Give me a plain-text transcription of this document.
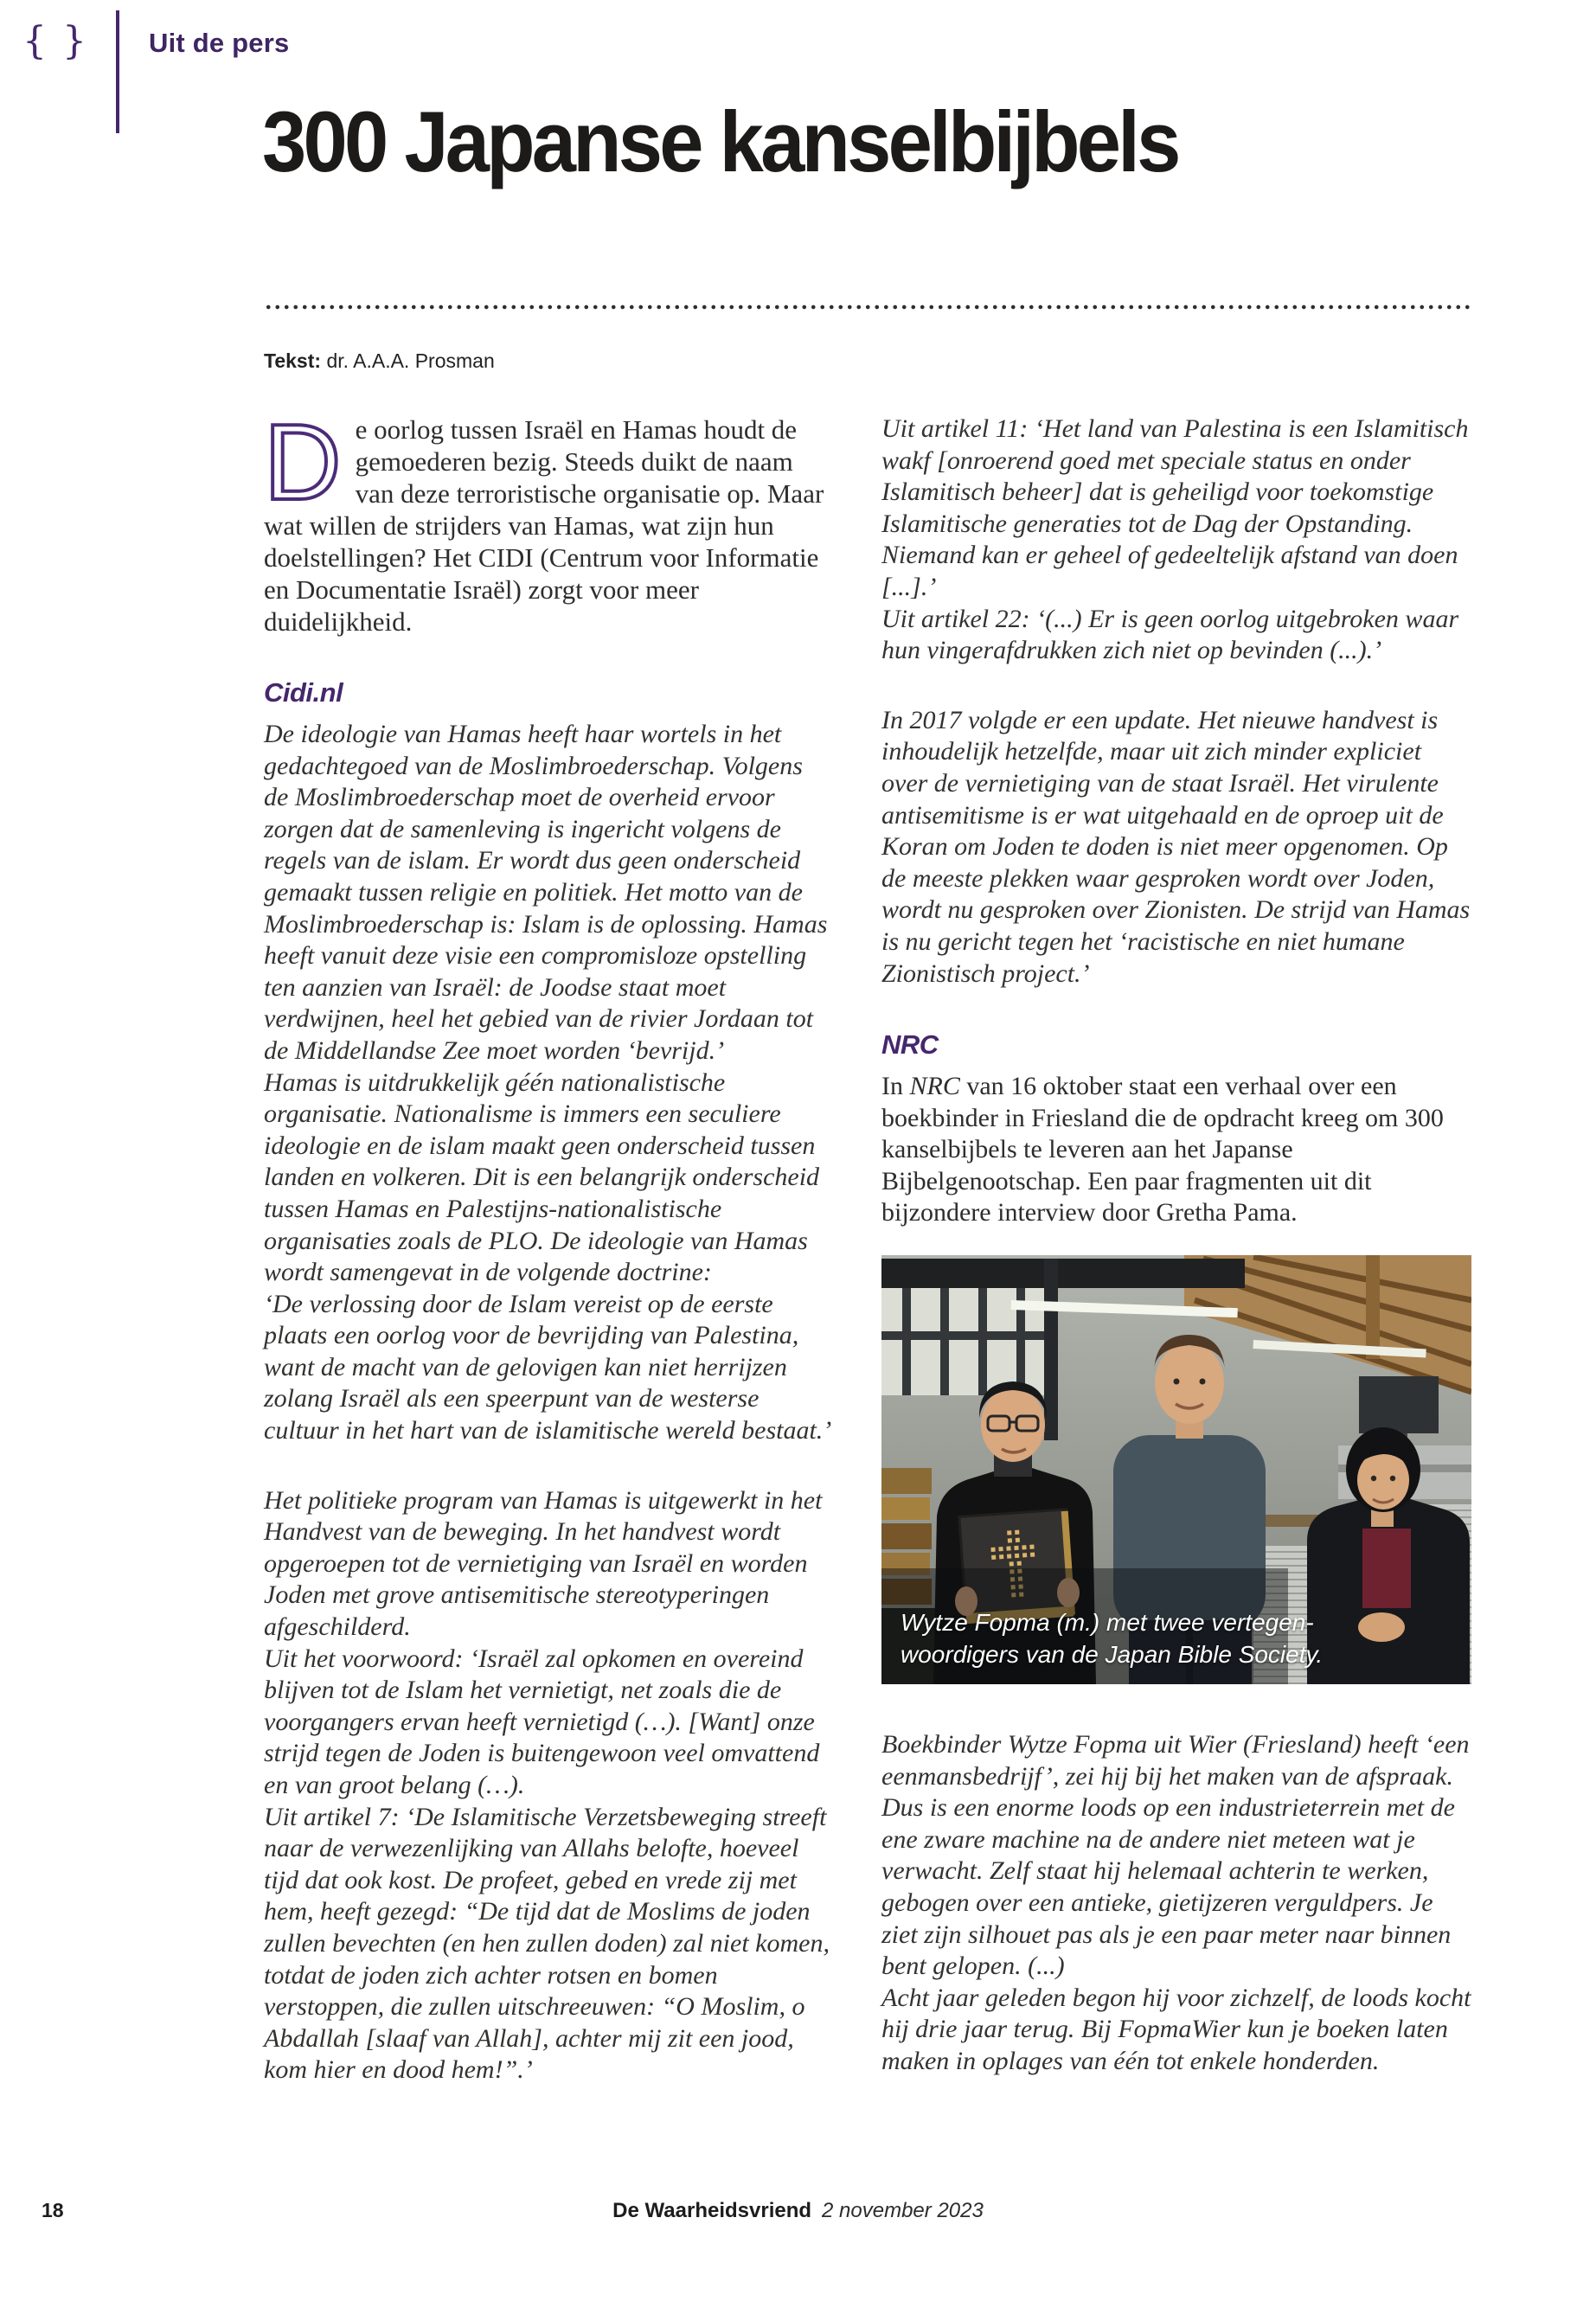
{ } Uit de pers
300 Japanse kanselbijbels
Tekst: dr. A.A.A. Prosman

De oorlog tussen Israël en Hamas houdt de gemoederen bezig. Steeds duikt de naam van deze terroristische organisatie op. Maar wat willen de strijders van Hamas, wat zijn hun doelstellingen? Het CIDI (Centrum voor Informatie en Documentatie Israël) zorgt voor meer duidelijkheid.

Cidi.nl

De ideologie van Hamas heeft haar wortels in het gedachtegoed van de Moslimbroederschap. Volgens de Moslimbroederschap moet de overheid ervoor zorgen dat de samenleving is ingericht volgens de regels van de islam. Er wordt dus geen onderscheid gemaakt tussen religie en politiek. Het motto van de Moslimbroederschap is: Islam is de oplossing. Hamas heeft vanuit deze visie een compromisloze opstelling ten aanzien van Israël: de Joodse staat moet verdwijnen, heel het gebied van de rivier Jordaan tot de Middellandse Zee moet worden ‘bevrijd.’

Hamas is uitdrukkelijk géén nationalistische organisatie. Nationalisme is immers een seculiere ideologie en de islam maakt geen onderscheid tussen landen en volkeren. Dit is een belangrijk onderscheid tussen Hamas en Palestijns-nationalistische organisaties zoals de PLO. De ideologie van Hamas wordt samengevat in de volgende doctrine:

‘De verlossing door de Islam vereist op de eerste plaats een oorlog voor de bevrijding van Palestina, want de macht van de gelovigen kan niet herrijzen zolang Israël als een speerpunt van de westerse cultuur in het hart van de islamitische wereld bestaat.’

Het politieke program van Hamas is uitgewerkt in het Handvest van de beweging. In het handvest wordt opgeroepen tot de vernietiging van Israël en worden Joden met grove antisemitische stereotyperingen afgeschilderd.

Uit het voorwoord: ‘Israël zal opkomen en overeind blijven tot de Islam het vernietigt, net zoals die de voorgangers ervan heeft vernietigd (…). [Want] onze strijd tegen de Joden is buitengewoon veel omvattend en van groot belang (…).

Uit artikel 7: ‘De Islamitische Verzetsbeweging streeft naar de verwezenlijking van Allahs belofte, hoeveel tijd dat ook kost. De profeet, gebed en vrede zij met hem, heeft gezegd: “De tijd dat de Moslims de joden zullen bevechten (en hen zullen doden) zal niet komen, totdat de joden zich achter rotsen en bomen verstoppen, die zullen uitschreeuwen: “O Moslim, o Abdallah [slaaf van Allah], achter mij zit een jood, kom hier en dood hem!”.’

Uit artikel 11: ‘Het land van Palestina is een Islamitisch wakf [onroerend goed met speciale status en onder Islamitisch beheer] dat is geheiligd voor toekomstige Islamitische generaties tot de Dag der Opstanding. Niemand kan er geheel of gedeeltelijk afstand van doen [...].’

Uit artikel 22: ‘(...) Er is geen oorlog uitgebroken waar hun vingerafdrukken zich niet op bevinden (...).’

In 2017 volgde er een update. Het nieuwe handvest is inhoudelijk hetzelfde, maar uit zich minder expliciet over de vernietiging van de staat Israël. Het virulente antisemitisme is er wat uitgehaald en de oproep uit de Koran om Joden te doden is niet meer opgenomen. Op de meeste plekken waar gesproken wordt over Joden, wordt nu gesproken over Zionisten. De strijd van Hamas is nu gericht tegen het ‘racistische en niet humane Zionistisch project.’

NRC

In NRC van 16 oktober staat een verhaal over een boekbinder in Friesland die de opdracht kreeg om 300 kanselbijbels te leveren aan het Japanse Bijbelgenootschap. Een paar fragmenten uit dit bijzondere interview door Gretha Pama.

Wytze Fopma (m.) met twee vertegen-
woordigers van de Japan Bible Society.

Boekbinder Wytze Fopma uit Wier (Friesland) heeft ‘een eenmansbedrijf’, zei hij bij het maken van de afspraak. Dus is een enorme loods op een industrieterrein met de ene zware machine na de andere niet meteen wat je verwacht. Zelf staat hij helemaal achterin te werken, gebogen over een antieke, gietijzeren verguldpers. Je ziet zijn silhouet pas als je een paar meter naar binnen bent gelopen. (...)

Acht jaar geleden begon hij voor zichzelf, de loods kocht hij drie jaar terug. Bij FopmaWier kun je boeken laten maken in oplages van één tot enkele honderden.

18	De Waarheidsvriend 2 november 2023
